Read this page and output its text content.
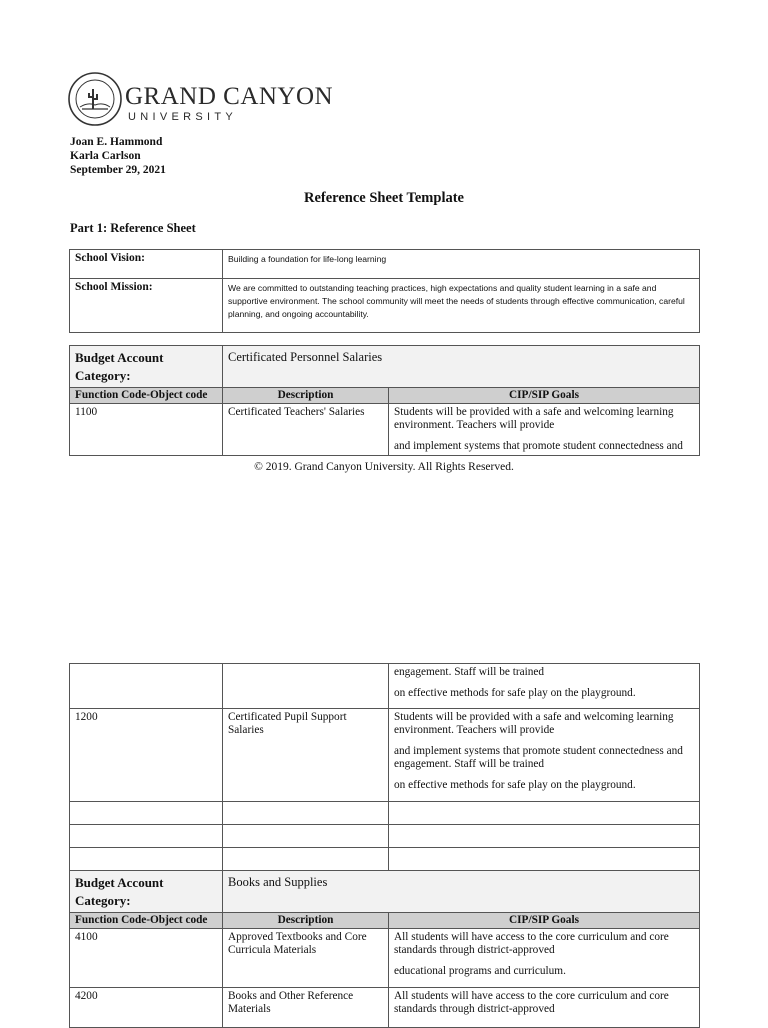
GRAND CANYON
UNIVERSITY
Joan E. Hammond
Karla Carlson
September 29, 2021
Reference Sheet Template
Part 1: Reference Sheet
School Vision:	Building a foundation for life-long learning
School Mission:	We are committed to outstanding teaching practices, high expectations and quality student learning in a safe and supportive environment. The school community will meet the needs of students through effective communication, careful planning, and ongoing accountability.
Budget Account Category:	Certificated Personnel Salaries	
Function Code-Object code	Description	CIP/SIP Goals
1100	Certificated Teachers' Salaries	Students will be provided with a safe and welcoming learning environment. Teachers will provide

and implement systems that promote student connectedness and

© 2019. Grand Canyon University. All Rights Reserved.

		engagement. Staff will be trained

on effective methods for safe play on the playground.

1200	Certificated Pupil Support Salaries	Students will be provided with a safe and welcoming learning environment. Teachers will provide

and implement systems that promote student connectedness and engagement. Staff will be trained

on effective methods for safe play on the playground.

Budget Account Category:	Books and Supplies	
Function Code-Object code	Description	CIP/SIP Goals
4100	Approved Textbooks and Core Curricula Materials	All students will have access to the core curriculum and core standards through district-approved

educational programs and curriculum.

4200	Books and Other Reference Materials	All students will have access to the core curriculum and core standards through district-approved
